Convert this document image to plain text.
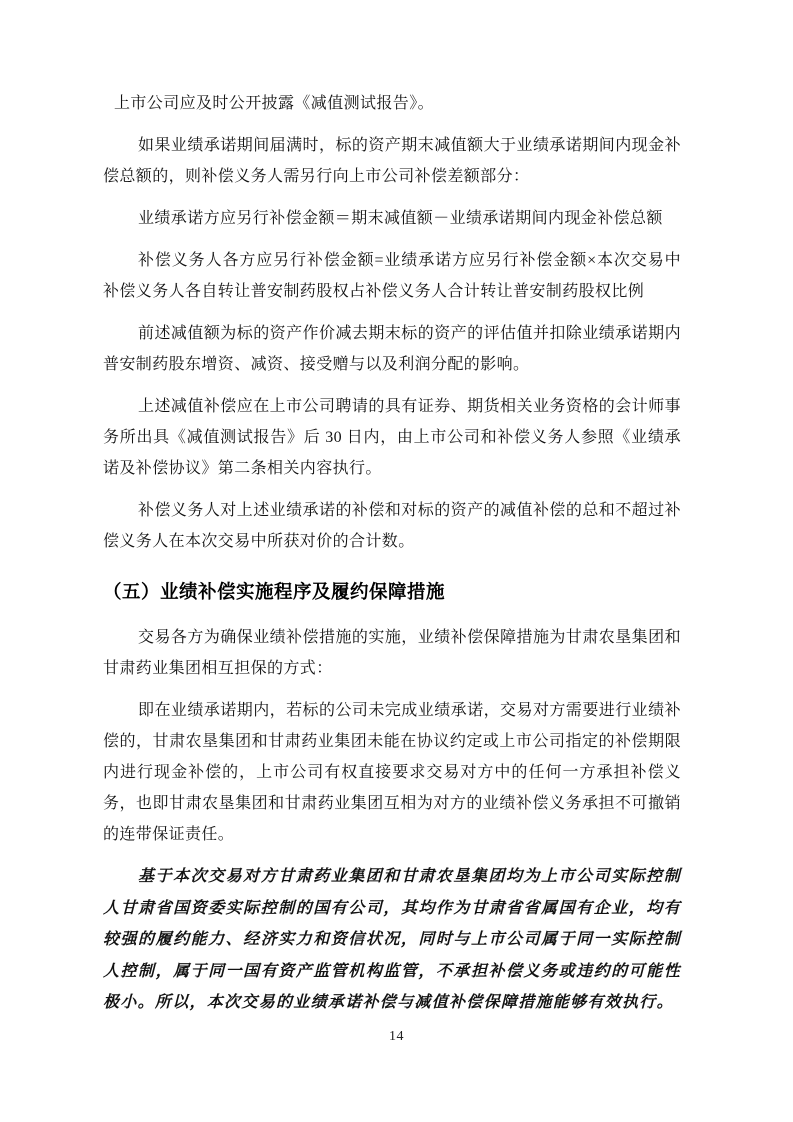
上市公司应及时公开披露《减值测试报告》。

如果业绩承诺期间届满时，标的资产期末减值额大于业绩承诺期间内现金补偿总额的，则补偿义务人需另行向上市公司补偿差额部分：

业绩承诺方应另行补偿金额＝期末减值额－业绩承诺期间内现金补偿总额

补偿义务人各方应另行补偿金额=业绩承诺方应另行补偿金额×本次交易中补偿义务人各自转让普安制药股权占补偿义务人合计转让普安制药股权比例

前述减值额为标的资产作价减去期末标的资产的评估值并扣除业绩承诺期内普安制药股东增资、减资、接受赠与以及利润分配的影响。

上述减值补偿应在上市公司聘请的具有证券、期货相关业务资格的会计师事务所出具《减值测试报告》后 30 日内，由上市公司和补偿义务人参照《业绩承诺及补偿协议》第二条相关内容执行。

补偿义务人对上述业绩承诺的补偿和对标的资产的减值补偿的总和不超过补偿义务人在本次交易中所获对价的合计数。

（五）业绩补偿实施程序及履约保障措施

交易各方为确保业绩补偿措施的实施，业绩补偿保障措施为甘肃农垦集团和甘肃药业集团相互担保的方式：

即在业绩承诺期内，若标的公司未完成业绩承诺，交易对方需要进行业绩补偿的，甘肃农垦集团和甘肃药业集团未能在协议约定或上市公司指定的补偿期限内进行现金补偿的，上市公司有权直接要求交易对方中的任何一方承担补偿义务，也即甘肃农垦集团和甘肃药业集团互相为对方的业绩补偿义务承担不可撤销的连带保证责任。

基于本次交易对方甘肃药业集团和甘肃农垦集团均为上市公司实际控制人甘肃省国资委实际控制的国有公司，其均作为甘肃省省属国有企业，均有较强的履约能力、经济实力和资信状况，同时与上市公司属于同一实际控制人控制，属于同一国有资产监管机构监管，不承担补偿义务或违约的可能性极小。所以，本次交易的业绩承诺补偿与减值补偿保障措施能够有效执行。

14
